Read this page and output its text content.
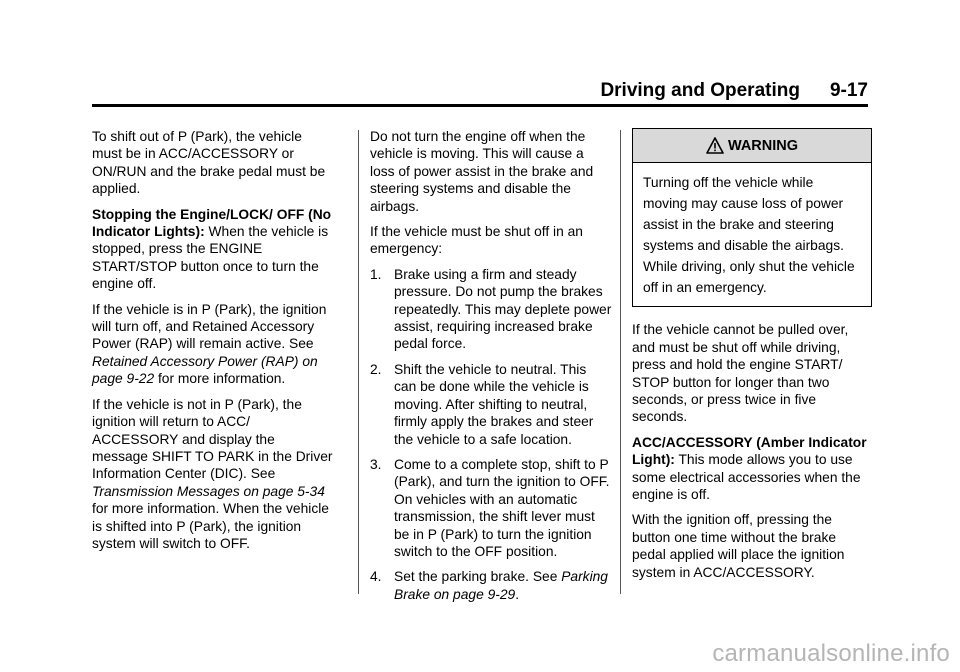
Driving and Operating 9-17

To shift out of P (Park), the vehicle must be in ACC/ACCESSORY or ON/RUN and the brake pedal must be applied.

Stopping the Engine/LOCK/ OFF (No Indicator Lights): When the vehicle is stopped, press the ENGINE START/STOP button once to turn the engine off.

If the vehicle is in P (Park), the ignition will turn off, and Retained Accessory Power (RAP) will remain active. See Retained Accessory Power (RAP) on page 9-22 for more information.

If the vehicle is not in P (Park), the ignition will return to ACC/ ACCESSORY and display the message SHIFT TO PARK in the Driver Information Center (DIC). See Transmission Messages on page 5-34 for more information. When the vehicle is shifted into P (Park), the ignition system will switch to OFF.

Do not turn the engine off when the vehicle is moving. This will cause a loss of power assist in the brake and steering systems and disable the airbags.

If the vehicle must be shut off in an emergency:

1. Brake using a firm and steady pressure. Do not pump the brakes repeatedly. This may deplete power assist, requiring increased brake pedal force.
2. Shift the vehicle to neutral. This can be done while the vehicle is moving. After shifting to neutral, firmly apply the brakes and steer the vehicle to a safe location.
3. Come to a complete stop, shift to P (Park), and turn the ignition to OFF. On vehicles with an automatic transmission, the shift lever must be in P (Park) to turn the ignition switch to the OFF position.
4. Set the parking brake. See Parking Brake on page 9-29.
WARNING
Turning off the vehicle while moving may cause loss of power assist in the brake and steering systems and disable the airbags. While driving, only shut the vehicle off in an emergency.

If the vehicle cannot be pulled over, and must be shut off while driving, press and hold the engine START/ STOP button for longer than two seconds, or press twice in five seconds.

ACC/ACCESSORY (Amber Indicator Light): This mode allows you to use some electrical accessories when the engine is off.

With the ignition off, pressing the button one time without the brake pedal applied will place the ignition system in ACC/ACCESSORY.

carmanualsonline.info
